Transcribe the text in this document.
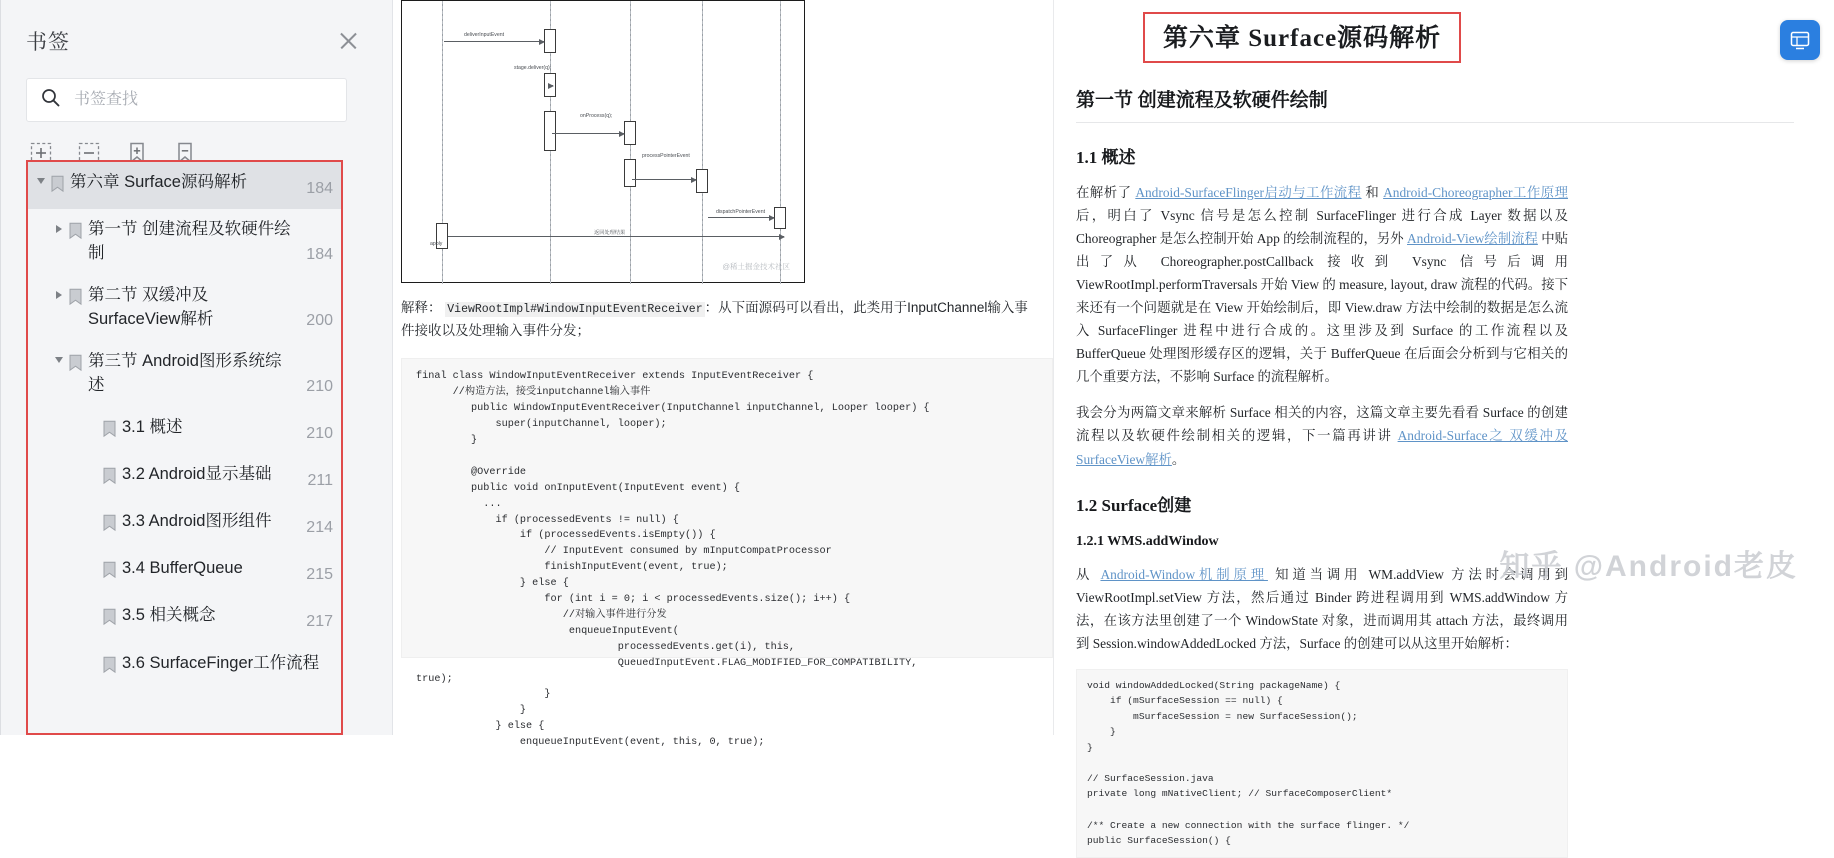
书签
书签查找
第六章 Surface源码解析	184
第一节 创建流程及软硬件绘制	184
第二节 双缓冲及SurfaceView解析	200
第三节 Android图形系统综述	210
3.1 概述	210
3.2 Android显示基础	211
3.3 Android图形组件	214
3.4 BufferQueue	215
3.5 相关概念	217
3.6 SurfaceFinger工作流程
deliverInputEvent
stage.deliver(q);
onProcess(q);
processPointerEvent
dispatchPointerEvent
apply
返回处理结果
@稀土掘金技术社区
解释： ViewRootImpl#WindowInputEventReceiver ：从下面源码可以看出，此类用于InputChannel输入事件接收以及处理输入事件分发；
final class WindowInputEventReceiver extends InputEventReceiver {
//构造方法，接受inputchannel输入事件
public WindowInputEventReceiver(InputChannel inputChannel, Looper looper) {
super(inputChannel, looper);
}

@Override
public void onInputEvent(InputEvent event) {
...
if (processedEvents != null) {
if (processedEvents.isEmpty()) {
// InputEvent consumed by mInputCompatProcessor
finishInputEvent(event, true);
} else {
for (int i = 0; i < processedEvents.size(); i++) {
//对输入事件进行分发
enqueueInputEvent(
processedEvents.get(i), this,
QueuedInputEvent.FLAG_MODIFIED_FOR_COMPATIBILITY,
true);
}
}
} else {
enqueueInputEvent(event, this, 0, true);
第六章 Surface源码解析
第一节 创建流程及软硬件绘制
1.1 概述

在解析了 Android-SurfaceFlinger启动与工作流程 和 Android-Choreographer工作原理 后，明白了 Vsync 信号是怎么控制 SurfaceFlinger 进行合成 Layer 数据以及 Choreographer 是怎么控制开始 App 的绘制流程的，另外 Android-View绘制流程 中贴出了从 Choreographer.postCallback 接收到 Vsync 信号后调用 ViewRootImpl.performTraversals 开始 View 的 measure, layout, draw 流程的代码。接下来还有一个问题就是在 View 开始绘制后，即 View.draw 方法中绘制的数据是怎么流入 SurfaceFlinger 进程中进行合成的。这里涉及到 Surface 的工作流程以及 BufferQueue 处理图形缓存区的逻辑，关于 BufferQueue 在后面会分析到与它相关的几个重要方法，不影响 Surface 的流程解析。

我会分为两篇文章来解析 Surface 相关的内容，这篇文章主要先看看 Surface 的创建流程以及软硬件绘制相关的逻辑，下一篇再讲讲 Android-Surface之 双缓冲及SurfaceView解析。

1.2 Surface创建
1.2.1 WMS.addWindow

从 Android-Window机制原理 知道当调用 WM.addView 方法时会调用到 ViewRootImpl.setView 方法，然后通过 Binder 跨进程调用到 WMS.addWindow 方法，在该方法里创建了一个 WindowState 对象，进而调用其 attach 方法，最终调用到 Session.windowAddedLocked 方法，Surface 的创建可以从这里开始解析：

void windowAddedLocked(String packageName) {
if (mSurfaceSession == null) {
mSurfaceSession = new SurfaceSession();
}
}

// SurfaceSession.java
private long mNativeClient; // SurfaceComposerClient*

/** Create a new connection with the surface flinger. */
public SurfaceSession() {
知乎 @Android老皮
